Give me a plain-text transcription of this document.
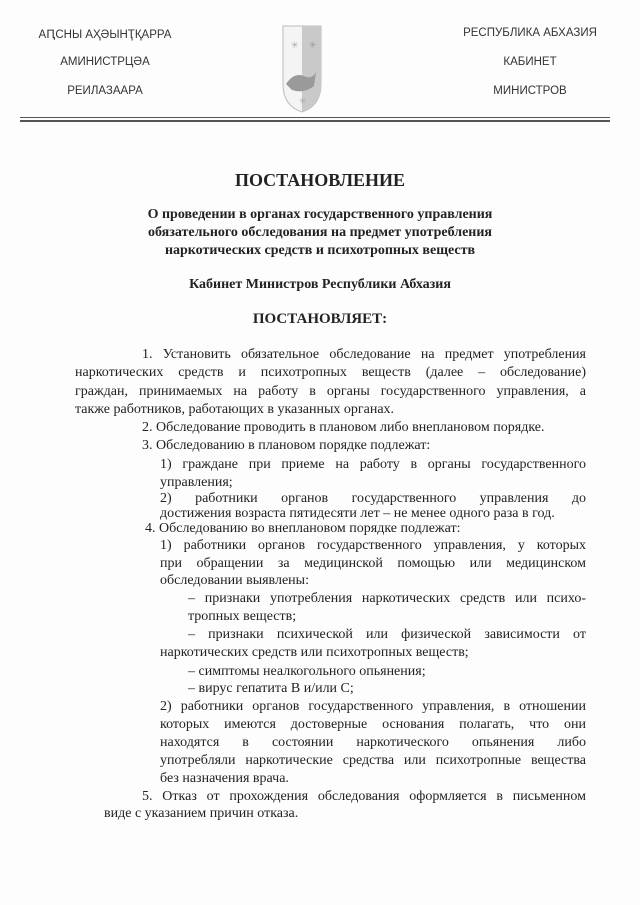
АԤСНЫ АҲӘЫНҬҚАРРА
АМИНИСТРЦӘА
РЕИЛАЗААРА
РЕСПУБЛИКА АБХАЗИЯ
КАБИНЕТ
МИНИСТРОВ
✳ ✳
✳
ПОСТАНОВЛЕНИЕ
О проведении в органах государственного управления
обязательного обследования на предмет употребления
наркотических средств и психотропных веществ
Кабинет Министров Республики Абхазия
ПОСТАНОВЛЯЕТ:
1. Установить обязательное обследование на предмет употребления
наркотических средств и психотропных веществ (далее – обследование)
граждан, принимаемых на работу в органы государственного управления, а
также работников, работающих в указанных органах.
2. Обследование проводить в плановом либо внеплановом порядке.
3. Обследованию в плановом порядке подлежат:
1) граждане при приеме на работу в органы государственного
управления;
2) работники органов государственного управления до
достижения возраста пятидесяти лет – не менее одного раза в год.
4. Обследованию во внеплановом порядке подлежат:
1) работники органов государственного управления, у которых
при обращении за медицинской помощью или медицинском
обследовании выявлены:
– признаки употребления наркотических средств или психо-
тропных веществ;
– признаки психической или физической зависимости от
наркотических средств или психотропных веществ;
– симптомы неалкогольного опьянения;
– вирус гепатита В и/или С;
2) работники органов государственного управления, в отношении
которых имеются достоверные основания полагать, что они
находятся в состоянии наркотического опьянения либо
употребляли наркотические средства или психотропные вещества
без назначения врача.
5. Отказ от прохождения обследования оформляется в письменном
виде с указанием причин отказа.
